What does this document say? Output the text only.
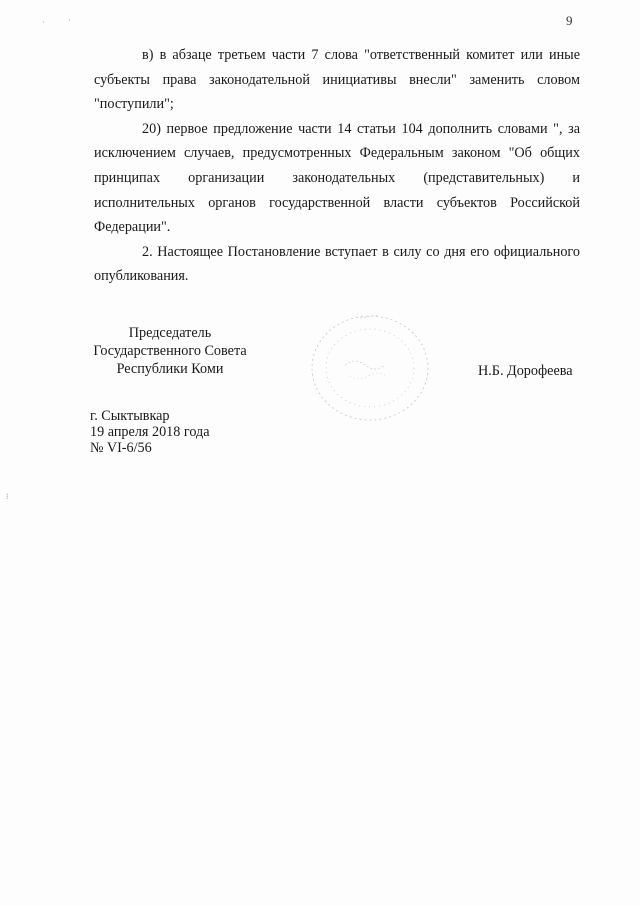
·	·
⁝
9

в) в абзаце третьем части 7 слова "ответственный комитет или иные субъекты права законодательной инициативы внесли" заменить словом "поступили";

20) первое предложение части 14 статьи 104 дополнить словами ", за исключением случаев, предусмотренных Федеральным законом "Об общих принципах организации законодательных (представительных) и исполнительных органов государственной власти субъектов Российской Федерации".

2. Настоящее Постановление вступает в силу со дня его официального опубликования.

Председатель
Государственного Совета
Республики Коми	Н.Б. Дорофеева
г. Сыктывкар
19 апреля 2018 года
№ VI-6/56
